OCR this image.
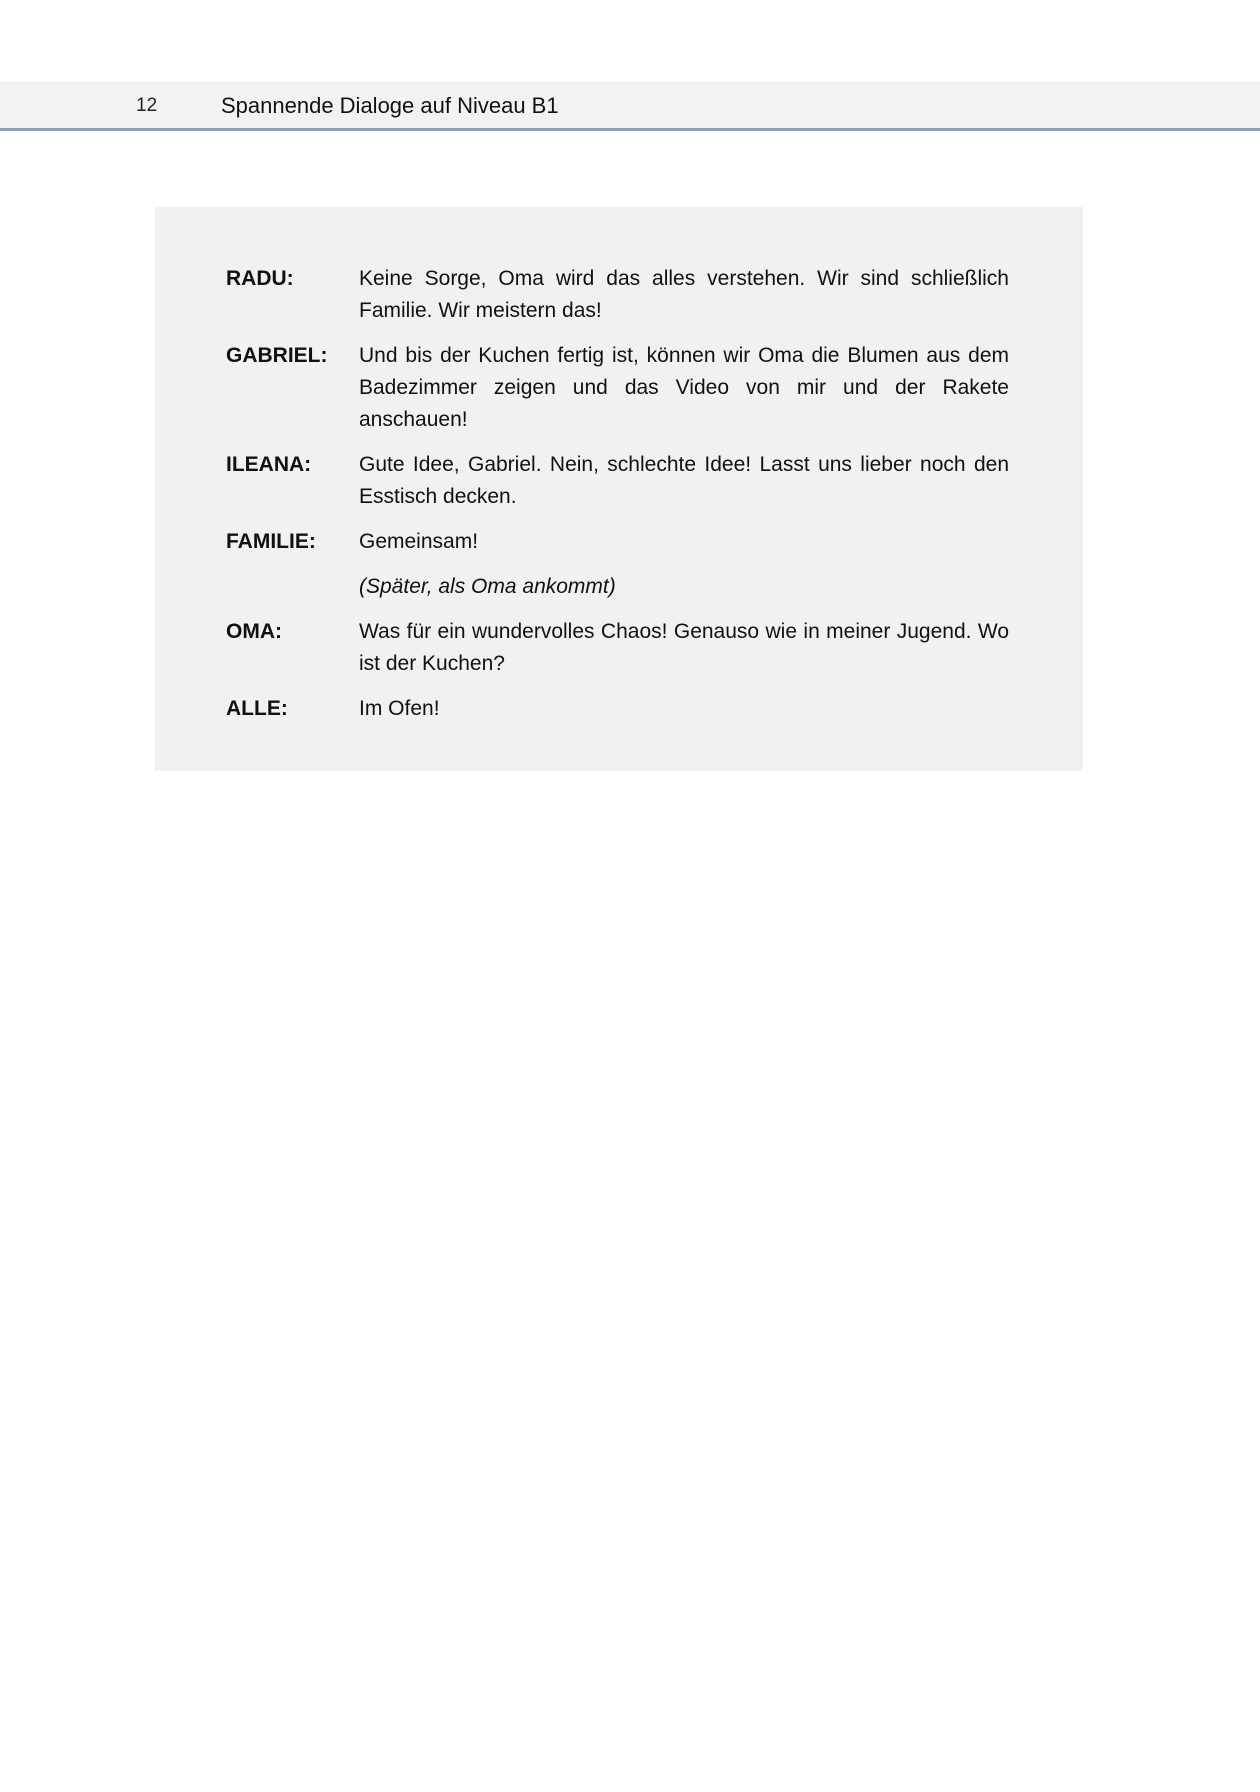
12	Spannende Dialoge auf Niveau B1
RADU:	Keine Sorge, Oma wird das alles verstehen. Wir sind schließlich Familie. Wir meistern das!
GABRIEL:	Und bis der Kuchen fertig ist, können wir Oma die Blumen aus dem Badezimmer zeigen und das Video von mir und der Rakete anschauen!
ILEANA:	Gute Idee, Gabriel. Nein, schlechte Idee! Lasst uns lieber noch den Esstisch decken.
FAMILIE:	Gemeinsam!
(Später, als Oma ankommt)
OMA:	Was für ein wundervolles Chaos! Genauso wie in meiner Jugend. Wo ist der Kuchen?
ALLE:	Im Ofen!
